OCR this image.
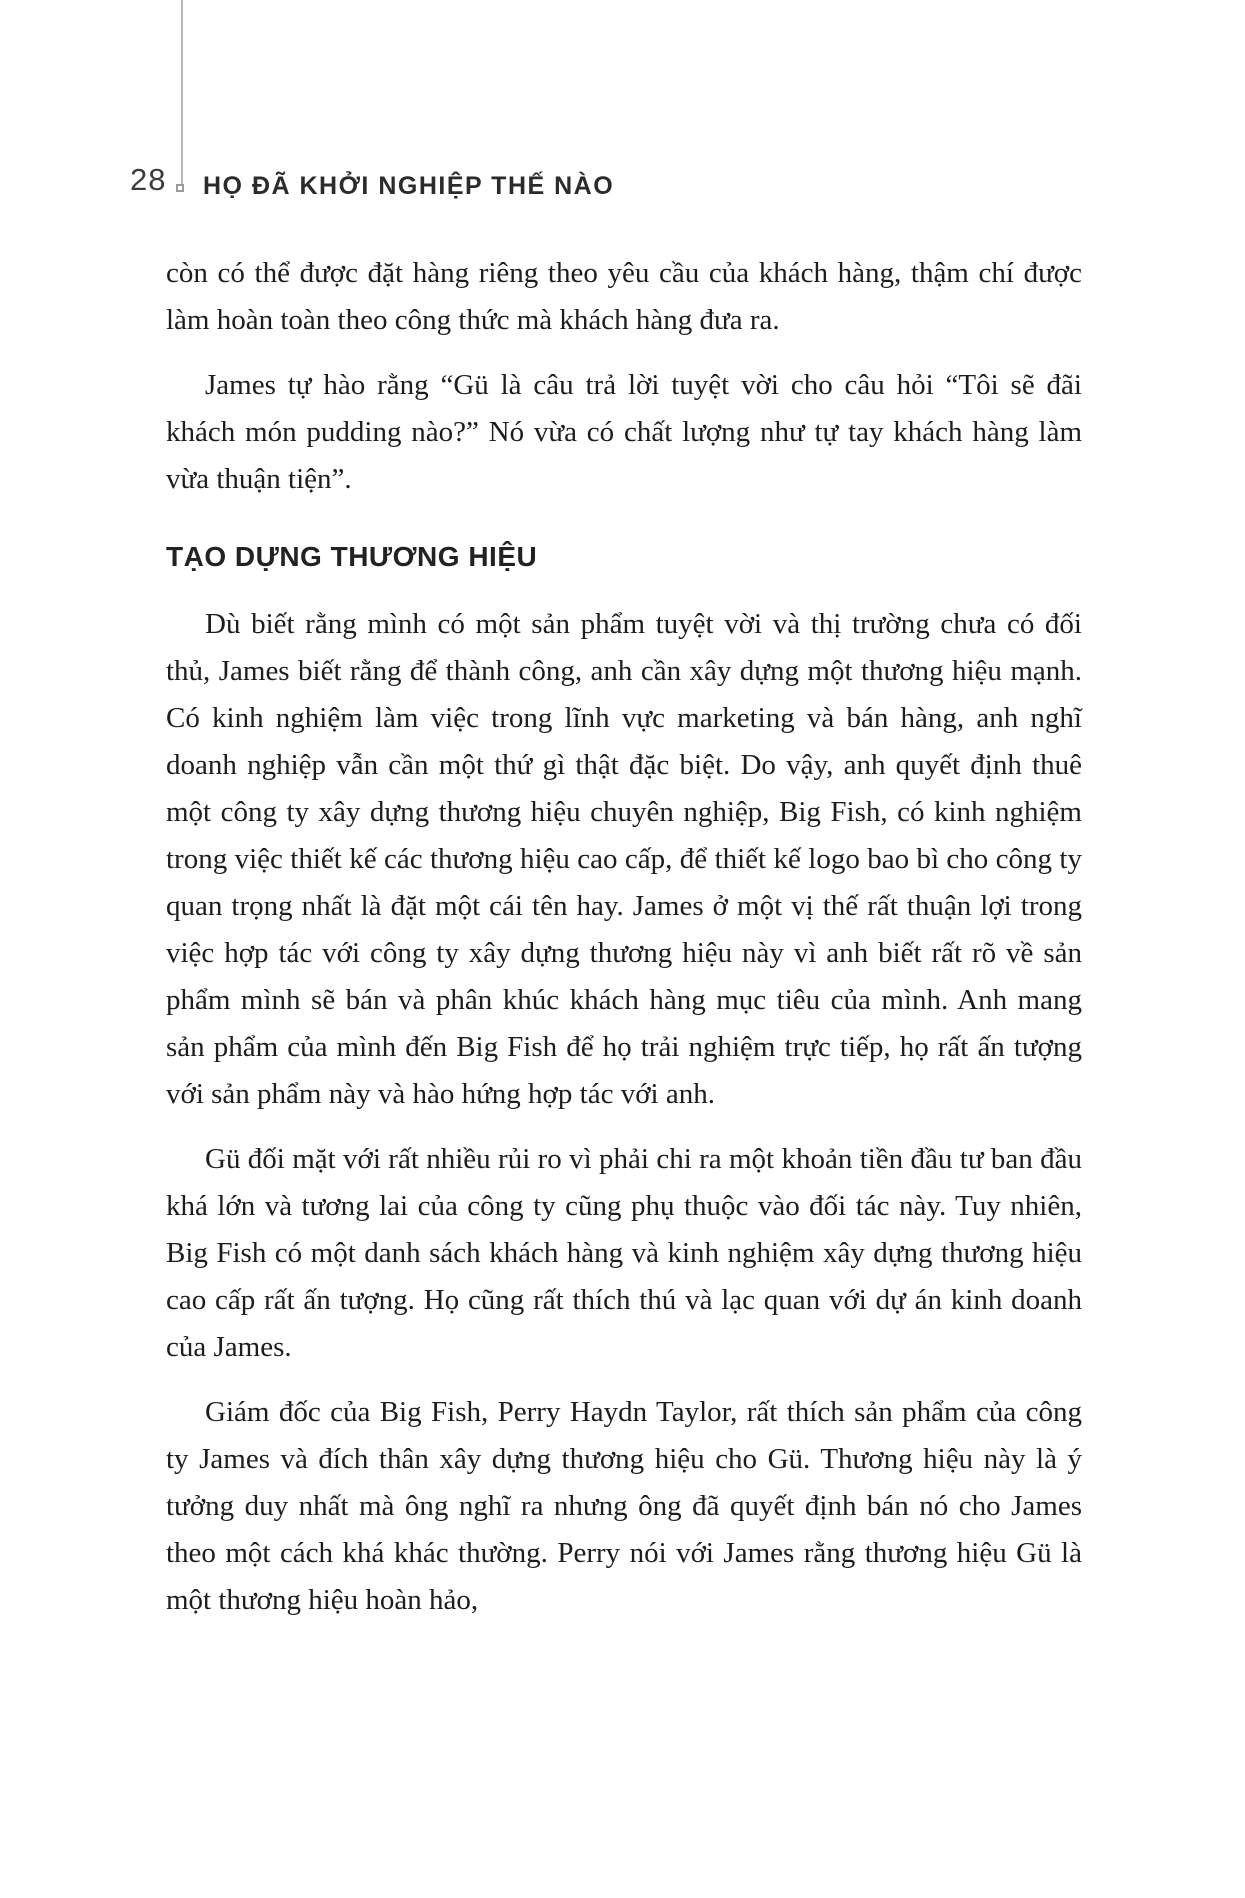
28 HỌ ĐÃ KHỞI NGHIỆP THẾ NÀO

còn có thể được đặt hàng riêng theo yêu cầu của khách hàng, thậm chí được làm hoàn toàn theo công thức mà khách hàng đưa ra.

James tự hào rằng “Gü là câu trả lời tuyệt vời cho câu hỏi “Tôi sẽ đãi khách món pudding nào?” Nó vừa có chất lượng như tự tay khách hàng làm vừa thuận tiện”.

TẠO DỰNG THƯƠNG HIỆU

Dù biết rằng mình có một sản phẩm tuyệt vời và thị trường chưa có đối thủ, James biết rằng để thành công, anh cần xây dựng một thương hiệu mạnh. Có kinh nghiệm làm việc trong lĩnh vực marketing và bán hàng, anh nghĩ doanh nghiệp vẫn cần một thứ gì thật đặc biệt. Do vậy, anh quyết định thuê một công ty xây dựng thương hiệu chuyên nghiệp, Big Fish, có kinh nghiệm trong việc thiết kế các thương hiệu cao cấp, để thiết kế logo bao bì cho công ty quan trọng nhất là đặt một cái tên hay. James ở một vị thế rất thuận lợi trong việc hợp tác với công ty xây dựng thương hiệu này vì anh biết rất rõ về sản phẩm mình sẽ bán và phân khúc khách hàng mục tiêu của mình. Anh mang sản phẩm của mình đến Big Fish để họ trải nghiệm trực tiếp, họ rất ấn tượng với sản phẩm này và hào hứng hợp tác với anh.

Gü đối mặt với rất nhiều rủi ro vì phải chi ra một khoản tiền đầu tư ban đầu khá lớn và tương lai của công ty cũng phụ thuộc vào đối tác này. Tuy nhiên, Big Fish có một danh sách khách hàng và kinh nghiệm xây dựng thương hiệu cao cấp rất ấn tượng. Họ cũng rất thích thú và lạc quan với dự án kinh doanh của James.

Giám đốc của Big Fish, Perry Haydn Taylor, rất thích sản phẩm của công ty James và đích thân xây dựng thương hiệu cho Gü. Thương hiệu này là ý tưởng duy nhất mà ông nghĩ ra nhưng ông đã quyết định bán nó cho James theo một cách khá khác thường. Perry nói với James rằng thương hiệu Gü là một thương hiệu hoàn hảo,
